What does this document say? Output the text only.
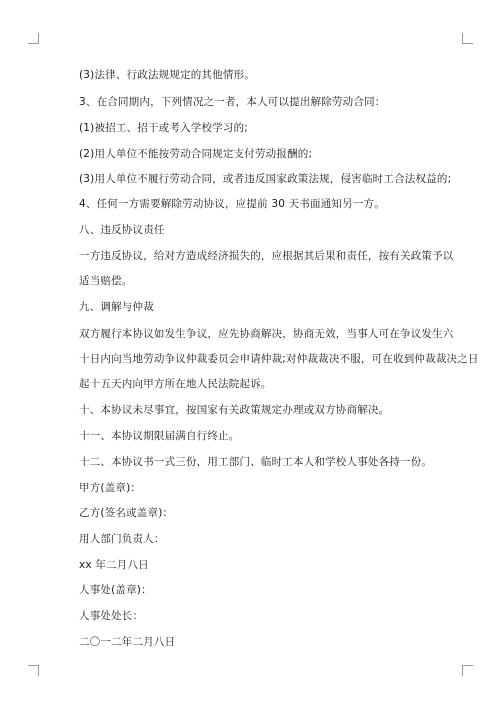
(3)法律、行政法规规定的其他情形。
3、在合同期内，下列情况之一者，本人可以提出解除劳动合同：
(1)被招工、招干或考入学校学习的;
(2)用人单位不能按劳动合同规定支付劳动报酬的;
(3)用人单位不履行劳动合同，或者违反国家政策法规，侵害临时工合法权益的;
4、任何一方需要解除劳动协议，应提前 30 天书面通知另一方。
八、违反协议责任
一方违反协议，给对方造成经济损失的，应根据其后果和责任，按有关政策予以
适当赔偿。
九、调解与仲裁
双方履行本协议如发生争议，应先协商解决，协商无效，当事人可在争议发生六
十日内向当地劳动争议仲裁委员会申请仲裁;对仲裁裁决不服，可在收到仲裁裁决之日
起十五天内向甲方所在地人民法院起诉。
十、本协议未尽事宜，按国家有关政策规定办理或双方协商解决。
十一、本协议期限届满自行终止。
十二、本协议书一式三份，用工部门、临时工本人和学校人事处各持一份。
甲方(盖章)：
乙方(签名或盖章)：
用人部门负责人：
xx 年二月八日
人事处(盖章)：
人事处处长：
二〇一二年二月八日
